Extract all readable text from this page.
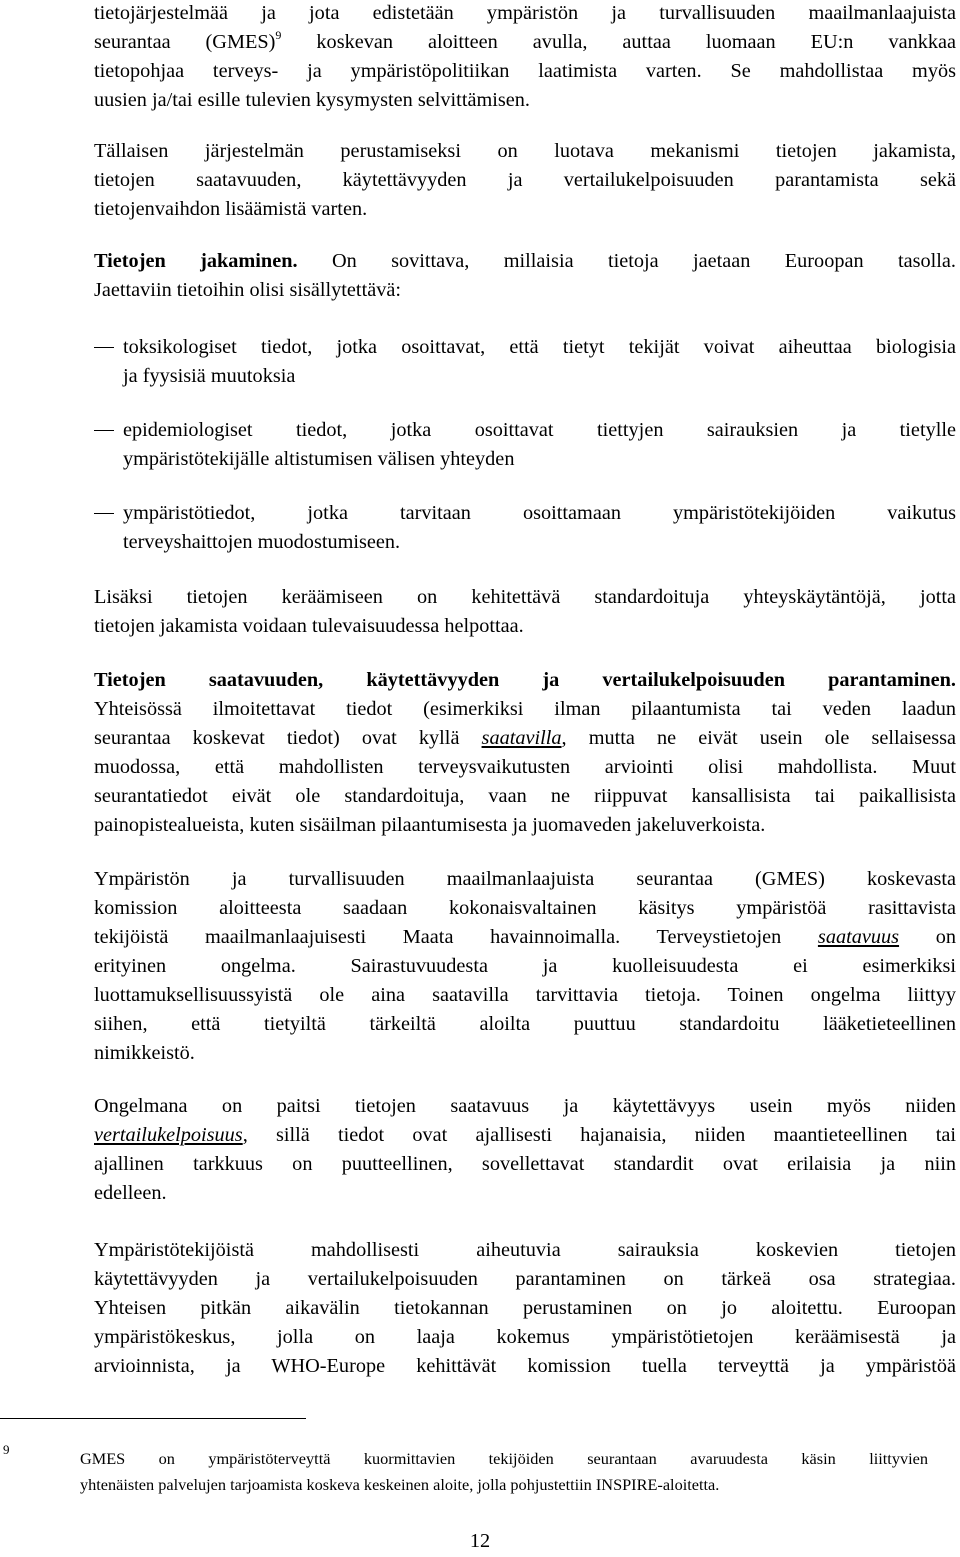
tietojärjestelmää ja jota edistetään ympäristön ja turvallisuuden maailmanlaajuista
seurantaa (GMES)$^9$ koskevan aloitteen avulla, auttaa luomaan EU:n vankkaa
tietopohjaa terveys- ja ympäristöpolitiikan laatimista varten. Se mahdollistaa myös
uusien ja/tai esille tulevien kysymysten selvittämisen.
Tällaisen järjestelmän perustamiseksi on luotava mekanismi tietojen jakamista,
tietojen saatavuuden, käytettävyyden ja vertailukelpoisuuden parantamista sekä
tietojenvaihdon lisäämistä varten.
Tietojen jakaminen. On sovittava, millaisia tietoja jaetaan Euroopan tasolla.
Jaettaviin tietoihin olisi sisällytettävä:
toksikologiset tiedot, jotka osoittavat, että tietyt tekijät voivat aiheuttaa biologisia
ja fyysisiä muutoksia
epidemiologiset tiedot, jotka osoittavat tiettyjen sairauksien ja tietylle
ympäristötekijälle altistumisen välisen yhteyden
ympäristötiedot, jotka tarvitaan osoittamaan ympäristötekijöiden vaikutus
terveyshaittojen muodostumiseen.
Lisäksi tietojen keräämiseen on kehitettävä standardoituja yhteyskäytäntöjä, jotta
tietojen jakamista voidaan tulevaisuudessa helpottaa.
Tietojen saatavuuden, käytettävyyden ja vertailukelpoisuuden parantaminen.
Yhteisössä ilmoitettavat tiedot (esimerkiksi ilman pilaantumista tai veden laadun
seurantaa koskevat tiedot) ovat kyllä saatavilla, mutta ne eivät usein ole sellaisessa
muodossa, että mahdollisten terveysvaikutusten arviointi olisi mahdollista. Muut
seurantatiedot eivät ole standardoituja, vaan ne riippuvat kansallisista tai paikallisista
painopistealueista, kuten sisäilman pilaantumisesta ja juomaveden jakeluverkoista.
Ympäristön ja turvallisuuden maailmanlaajuista seurantaa (GMES) koskevasta
komission aloitteesta saadaan kokonaisvaltainen käsitys ympäristöä rasittavista
tekijöistä maailmanlaajuisesti Maata havainnoimalla. Terveystietojen saatavuus on
erityinen ongelma. Sairastuvuudesta ja kuolleisuudesta ei esimerkiksi
luottamuksellisuussyistä ole aina saatavilla tarvittavia tietoja. Toinen ongelma liittyy
siihen, että tietyiltä tärkeiltä aloilta puuttuu standardoitu lääketieteellinen
nimikkeistö.
Ongelmana on paitsi tietojen saatavuus ja käytettävyys usein myös niiden
vertailukelpoisuus, sillä tiedot ovat ajallisesti hajanaisia, niiden maantieteellinen tai
ajallinen tarkkuus on puutteellinen, sovellettavat standardit ovat erilaisia ja niin
edelleen.
Ympäristötekijöistä mahdollisesti aiheutuvia sairauksia koskevien tietojen
käytettävyyden ja vertailukelpoisuuden parantaminen on tärkeä osa strategiaa.
Yhteisen pitkän aikavälin tietokannan perustaminen on jo aloitettu. Euroopan
ympäristökeskus, jolla on laaja kokemus ympäristötietojen keräämisestä ja
arvioinnista, ja WHO-Europe kehittävät komission tuella terveyttä ja ympäristöä
9	GMES on ympäristöterveyttä kuormittavien tekijöiden seurantaan avaruudesta käsin liittyvien
yhtenäisten palvelujen tarjoamista koskeva keskeinen aloite, jolla pohjustettiin INSPIRE-aloitetta.
12
